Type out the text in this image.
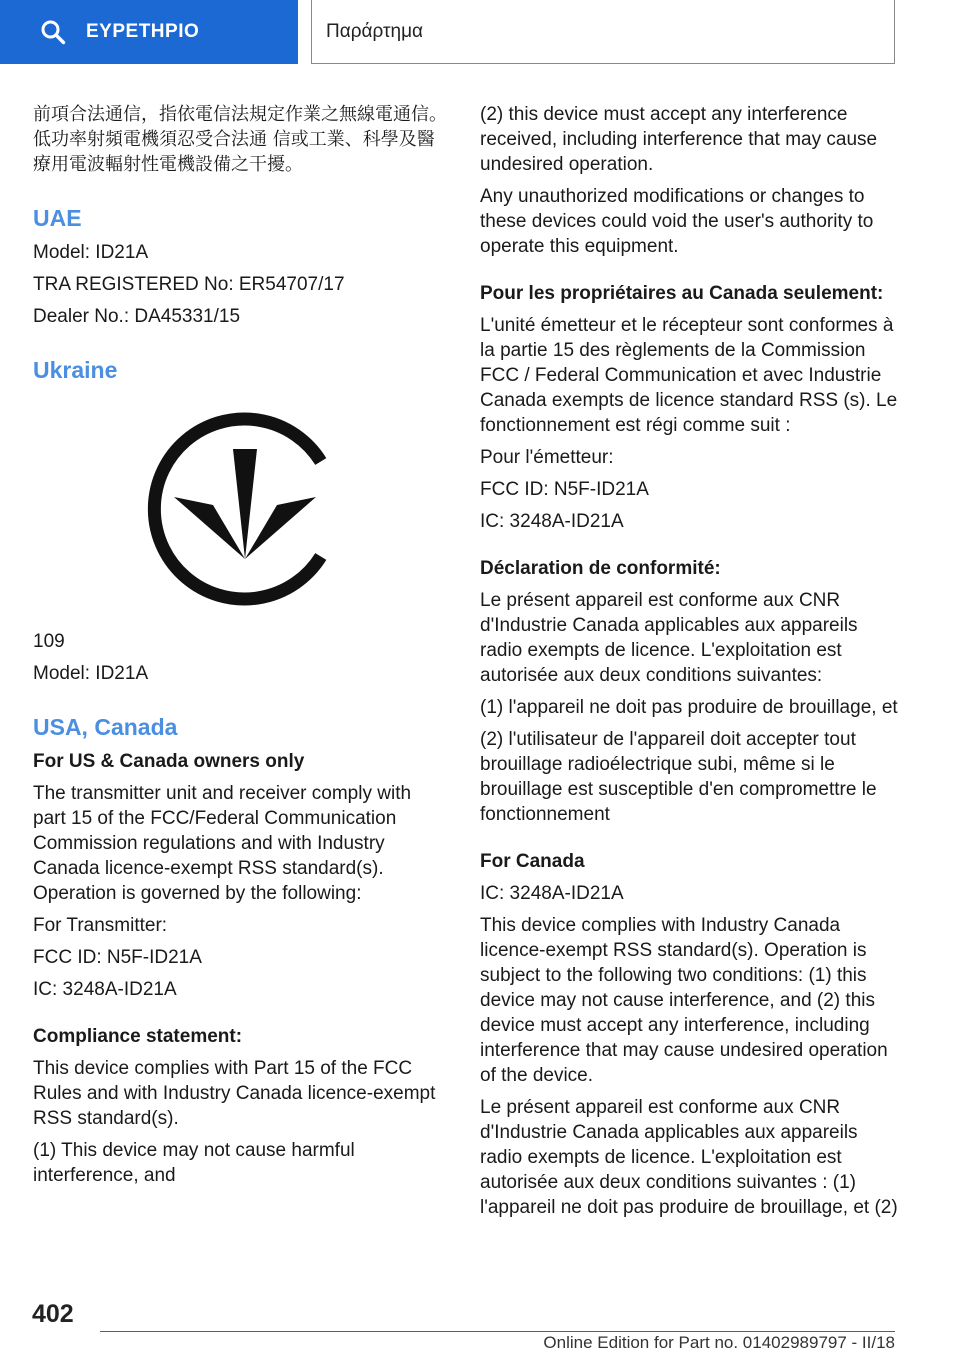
ΕΥΡΕΤΗΡΙΟ	Παράρτημα

前項合法通信，指依電信法規定作業之無線電通信。低功率射頻電機須忍受合法通 信或工業、科學及醫療用電波輻射性電機設備之干擾。

UAE

Model: ID21A

TRA REGISTERED No: ER54707/17

Dealer No.: DA45331/15

Ukraine

109

Model: ID21A

USA, Canada

For US & Canada owners only

The transmitter unit and receiver comply with part 15 of the FCC/Federal Communication Commission regulations and with Industry Canada licence-exempt RSS standard(s). Operation is governed by the following:

For Transmitter:

FCC ID: N5F-ID21A

IC: 3248A-ID21A

Compliance statement:

This device complies with Part 15 of the FCC Rules and with Industry Canada licence-exempt RSS standard(s).

(1) This device may not cause harmful interference, and

(2) this device must accept any interference received, including interference that may cause undesired operation.

Any unauthorized modifications or changes to these devices could void the user's authority to operate this equipment.

Pour les propriétaires au Canada seulement:

L'unité émetteur et le récepteur sont conformes à la partie 15 des règlements de la Commission FCC / Federal Communication et avec Industrie Canada exempts de licence standard RSS (s). Le fonctionnement est régi comme suit :

Pour l'émetteur:

FCC ID: N5F-ID21A

IC: 3248A-ID21A

Déclaration de conformité:

Le présent appareil est conforme aux CNR d'Industrie Canada applicables aux appareils radio exempts de licence. L'exploitation est autorisée aux deux conditions suivantes:

(1) l'appareil ne doit pas produire de brouillage, et

(2) l'utilisateur de l'appareil doit accepter tout brouillage radioélectrique subi, même si le brouillage est susceptible d'en compromettre le fonctionnement

For Canada

IC: 3248A-ID21A

This device complies with Industry Canada licence-exempt RSS standard(s). Operation is subject to the following two conditions: (1) this device may not cause interference, and (2) this device must accept any interference, including interference that may cause undesired operation of the device.

Le présent appareil est conforme aux CNR d'Industrie Canada applicables aux appareils radio exempts de licence. L'exploitation est autorisée aux deux conditions suivantes : (1) l'appareil ne doit pas produire de brouillage, et (2)

402
Online Edition for Part no. 01402989797 - II/18
